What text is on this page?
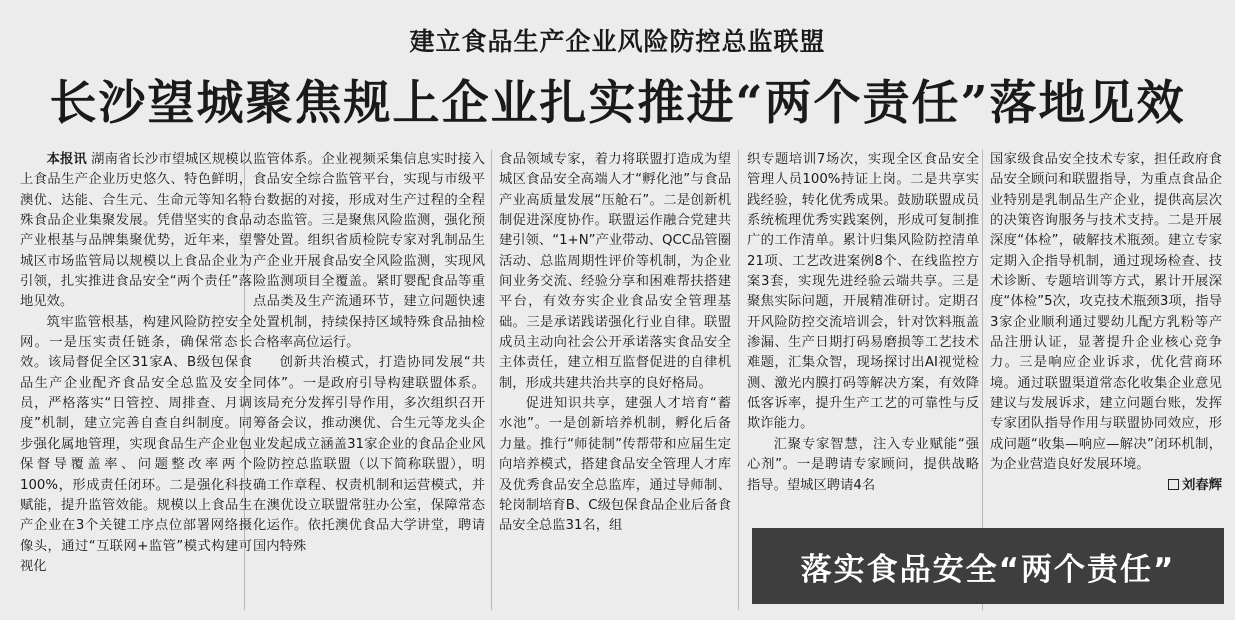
建立食品生产企业风险防控总监联盟
长沙望城聚焦规上企业扎实推进“两个责任”落地见效

本报讯 湖南省长沙市望城区规模以上食品生产企业历史悠久、特色鲜明，澳优、达能、合生元、生命元等知名特殊食品企业集聚发展。凭借坚实的食品产业根基与品牌集聚优势，近年来，望城区市场监管局以规模以上食品企业为引领，扎实推进食品安全“两个责任”落地见效。

筑牢监管根基，构建风险防控安全网。一是压实责任链条，确保常态长效。该局督促全区31家A、B级包保食品生产企业配齐食品安全总监及安全员，严格落实“日管控、周排查、月调度”机制，建立完善自查自纠制度。同步强化属地管理，实现食品生产企业包保督导覆盖率、问题整改率两个100%，形成责任闭环。二是强化科技赋能，提升监管效能。规模以上食品生产企业在3个关键工序点位部署网络摄像头，通过“互联网+监管”模式构建可视化

监管体系。企业视频采集信息实时接入食品安全综合监管平台，实现与市级平台数据的对接，形成对生产过程的全程动态监管。三是聚焦风险监测，强化预警处置。组织省质检院专家对乳制品生产企业开展食品安全风险监测，实现风险监测项目全覆盖。紧盯婴配食品等重点品类及生产流通环节，建立问题快速处置机制，持续保持区域特殊食品抽检合格率高位运行。

创新共治模式，打造协同发展“共同体”。一是政府引导构建联盟体系。该局充分发挥引导作用，多次组织召开筹备会议，推动澳优、合生元等龙头企业发起成立涵盖31家企业的食品企业风险防控总监联盟（以下简称联盟），明确工作章程、权责机制和运营模式，并在澳优设立联盟常驻办公室，保障常态化运作。依托澳优食品大学讲堂，聘请国内特殊

食品领域专家，着力将联盟打造成为望城区食品安全高端人才“孵化池”与食品产业高质量发展“压舱石”。二是创新机制促进深度协作。联盟运作融合党建共建引领、“1+N”产业带动、QCC品管圈活动、总监周期性评价等机制，为企业间业务交流、经验分享和困难帮扶搭建平台，有效夯实企业食品安全管理基础。三是承诺践诺强化行业自律。联盟成员主动向社会公开承诺落实食品安全主体责任，建立相互监督促进的自律机制，形成共建共治共享的良好格局。

促进知识共享，建强人才培育“蓄水池”。一是创新培养机制，孵化后备力量。推行“师徒制”传帮带和应届生定向培养模式，搭建食品安全管理人才库及优秀食品安全总监库，通过导师制、轮岗制培育B、C级包保食品企业后备食品安全总监31名，组

织专题培训7场次，实现全区食品安全管理人员100%持证上岗。二是共享实践经验，转化优秀成果。鼓励联盟成员系统梳理优秀实践案例，形成可复制推广的工作清单。累计归集风险防控清单21项、工艺改进案例8个、在线监控方案3套，实现先进经验云端共享。三是聚焦实际问题，开展精准研讨。定期召开风险防控交流培训会，针对饮料瓶盖渗漏、生产日期打码易磨损等工艺技术难题，汇集众智，现场探讨出AI视觉检测、激光内膜打码等解决方案，有效降低客诉率，提升生产工艺的可靠性与反欺诈能力。

汇聚专家智慧，注入专业赋能“强心剂”。一是聘请专家顾问，提供战略指导。望城区聘请4名

国家级食品安全技术专家，担任政府食品安全顾问和联盟指导，为重点食品企业特别是乳制品生产企业，提供高层次的决策咨询服务与技术支持。二是开展深度“体检”，破解技术瓶颈。建立专家定期入企指导机制，通过现场检查、技术诊断、专题培训等方式，累计开展深度“体检”5次，攻克技术瓶颈3项，指导3家企业顺利通过婴幼儿配方乳粉等产品注册认证，显著提升企业核心竞争力。三是响应企业诉求，优化营商环境。通过联盟渠道常态化收集企业意见建议与发展诉求，建立问题台账，发挥专家团队指导作用与联盟协同效应，形成问题“收集—响应—解决”闭环机制，为企业营造良好发展环境。

刘春辉
落实食品安全“两个责任”
